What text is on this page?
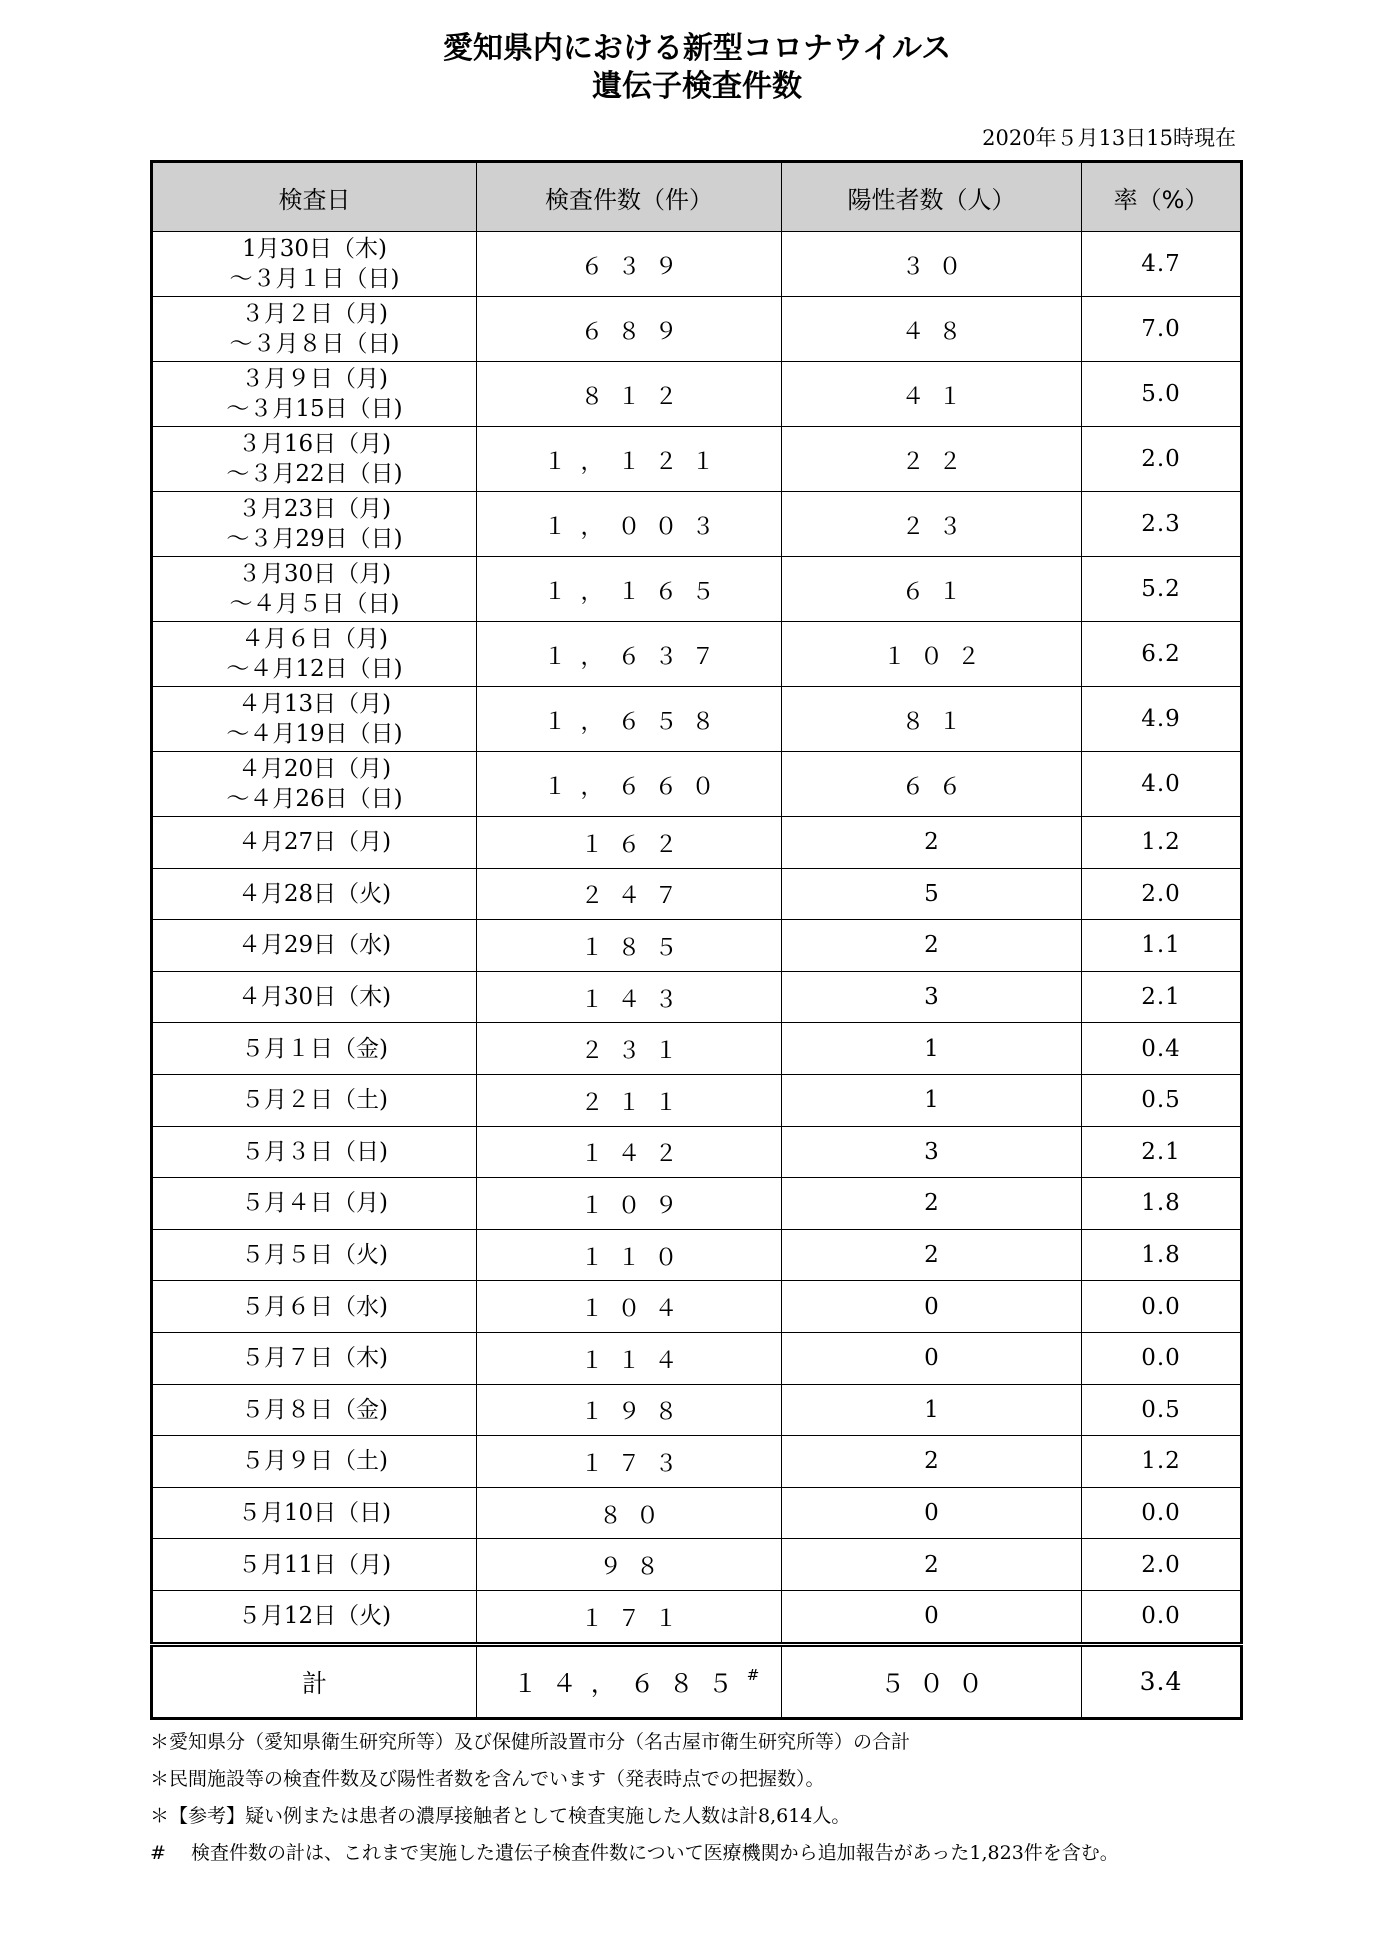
愛知県内における新型コロナウイルス
遺伝子検査件数
2020年５月13日15時現在
検査日	検査件数（件）	陽性者数（人）	率（%）

1月30日（木)
～３月１日（日)	６３９	３０	4.7

３月２日（月)
～３月８日（日)	６８９	４８	7.0

３月９日（月)
～３月15日（日)	８１２	４１	5.0

３月16日（月)
～３月22日（日)	１，１２１	２２	2.0

３月23日（月)
～３月29日（日)	１，００３	２３	2.3

３月30日（月)
～４月５日（日)	１，１６５	６１	5.2

４月６日（月)
～４月12日（日)	１，６３７	１０２	6.2

４月13日（月)
～４月19日（日)	１，６５８	８１	4.9

４月20日（月)
～４月26日（日)	１，６６０	６６	4.0

４月27日（月)	１６２	2	1.2

４月28日（火)	２４７	5	2.0

４月29日（水)	１８５	2	1.1

４月30日（木)	１４３	3	2.1

５月１日（金)	２３１	1	0.4

５月２日（土)	２１１	1	0.5

５月３日（日)	１４２	3	2.1

５月４日（月)	１０９	2	1.8

５月５日（火)	１１０	2	1.8

５月６日（水)	１０４	0	0.0

５月７日（木)	１１４	0	0.0

５月８日（金)	１９８	1	0.5

５月９日（土)	１７３	2	1.2

５月10日（日)	８０	0	0.0

５月11日（月)	９８	2	2.0

５月12日（火)	１７１	0	0.0
計	１４，６８５#	５００	3.4
＊愛知県分（愛知県衛生研究所等）及び保健所設置市分（名古屋市衛生研究所等）の合計
＊民間施設等の検査件数及び陽性者数を含んでいます（発表時点での把握数）。
＊【参考】疑い例または患者の濃厚接触者として検査実施した人数は計8,614人。
#　 検査件数の計は、これまで実施した遺伝子検査件数について医療機関から追加報告があった1,823件を含む。
